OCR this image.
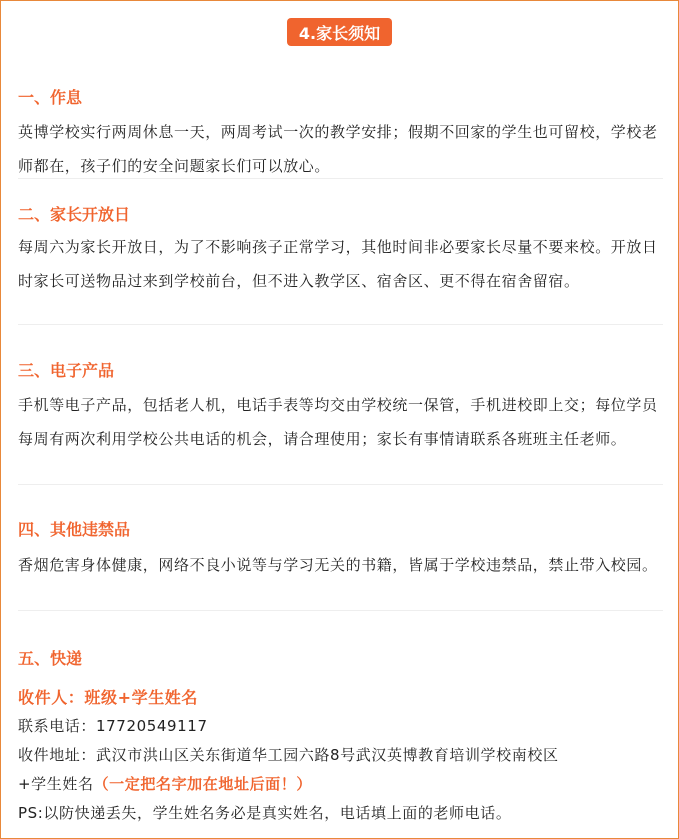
4.家长须知
一、作息

英博学校实行两周休息一天，两周考试一次的教学安排；假期不回家的学生也可留校，学校老师都在，孩子们的安全问题家长们可以放心。

二、家长开放日

每周六为家长开放日，为了不影响孩子正常学习，其他时间非必要家长尽量不要来校。开放日时家长可送物品过来到学校前台，但不进入教学区、宿舍区、更不得在宿舍留宿。

三、电子产品

手机等电子产品，包括老人机，电话手表等均交由学校统一保管，手机进校即上交；每位学员每周有两次利用学校公共电话的机会，请合理使用；家长有事情请联系各班班主任老师。

四、其他违禁品

香烟危害身体健康，网络不良小说等与学习无关的书籍，皆属于学校违禁品，禁止带入校园。

五、快递
收件人：班级+学生姓名
联系电话：17720549117
收件地址：武汉市洪山区关东街道华工园六路8号武汉英博教育培训学校南校区
+学生姓名（一定把名字加在地址后面！）
PS:以防快递丢失，学生姓名务必是真实姓名，电话填上面的老师电话。
